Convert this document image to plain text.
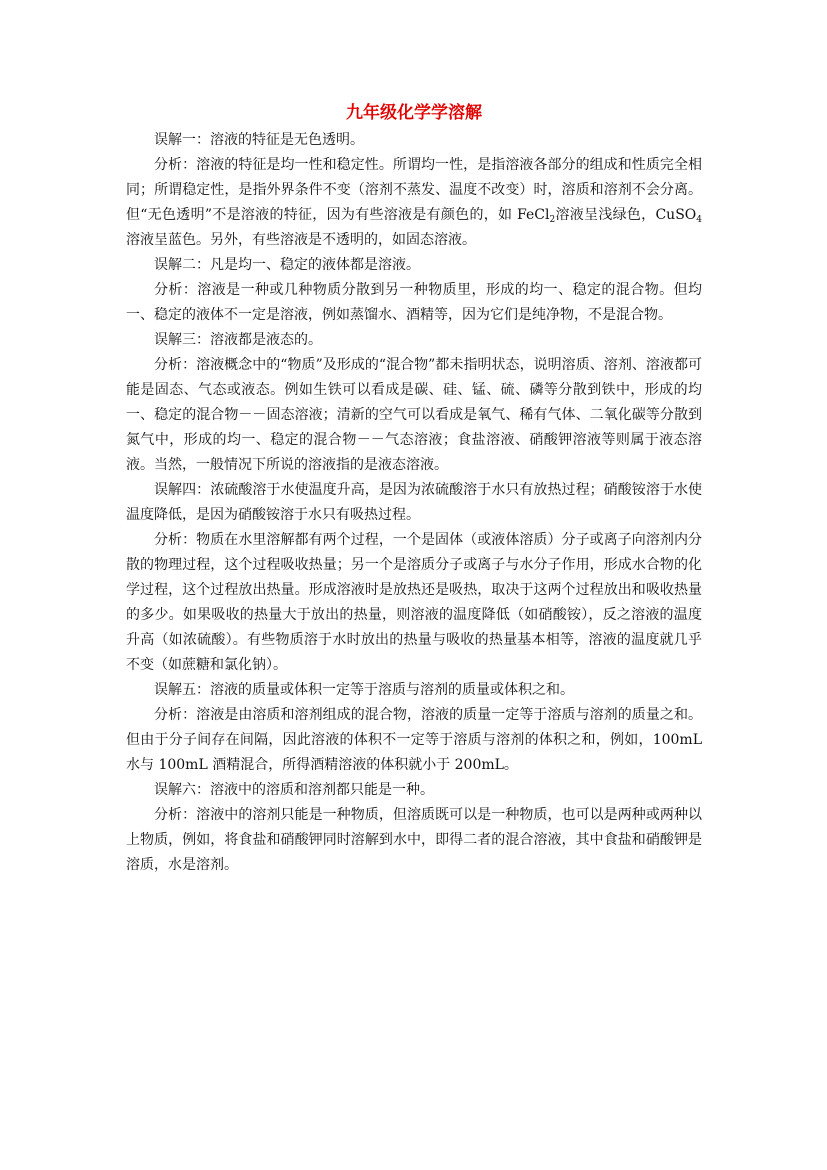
九年级化学学溶解

误解一：溶液的特征是无色透明。

分析：溶液的特征是均一性和稳定性。所谓均一性，是指溶液各部分的组成和性质完全相同；所谓稳定性，是指外界条件不变（溶剂不蒸发、温度不改变）时，溶质和溶剂不会分离。但“无色透明”不是溶液的特征，因为有些溶液是有颜色的，如 FeCl$_2$溶液呈浅绿色，CuSO$_4$溶液呈蓝色。另外，有些溶液是不透明的，如固态溶液。

误解二：凡是均一、稳定的液体都是溶液。

分析：溶液是一种或几种物质分散到另一种物质里，形成的均一、稳定的混合物。但均一、稳定的液体不一定是溶液，例如蒸馏水、酒精等，因为它们是纯净物，不是混合物。

误解三：溶液都是液态的。

分析：溶液概念中的“物质”及形成的“混合物”都未指明状态，说明溶质、溶剂、溶液都可能是固态、气态或液态。例如生铁可以看成是碳、硅、锰、硫、磷等分散到铁中，形成的均一、稳定的混合物－－固态溶液；清新的空气可以看成是氧气、稀有气体、二氧化碳等分散到氮气中，形成的均一、稳定的混合物－－气态溶液；食盐溶液、硝酸钾溶液等则属于液态溶液。当然，一般情况下所说的溶液指的是液态溶液。

误解四：浓硫酸溶于水使温度升高，是因为浓硫酸溶于水只有放热过程；硝酸铵溶于水使温度降低，是因为硝酸铵溶于水只有吸热过程。

分析：物质在水里溶解都有两个过程，一个是固体（或液体溶质）分子或离子向溶剂内分散的物理过程，这个过程吸收热量；另一个是溶质分子或离子与水分子作用，形成水合物的化学过程，这个过程放出热量。形成溶液时是放热还是吸热，取决于这两个过程放出和吸收热量的多少。如果吸收的热量大于放出的热量，则溶液的温度降低（如硝酸铵），反之溶液的温度升高（如浓硫酸）。有些物质溶于水时放出的热量与吸收的热量基本相等，溶液的温度就几乎不变（如蔗糖和氯化钠）。

误解五：溶液的质量或体积一定等于溶质与溶剂的质量或体积之和。

分析：溶液是由溶质和溶剂组成的混合物，溶液的质量一定等于溶质与溶剂的质量之和。但由于分子间存在间隔，因此溶液的体积不一定等于溶质与溶剂的体积之和，例如，100mL 水与 100mL 酒精混合，所得酒精溶液的体积就小于 200mL。

误解六：溶液中的溶质和溶剂都只能是一种。

分析：溶液中的溶剂只能是一种物质，但溶质既可以是一种物质，也可以是两种或两种以上物质，例如，将食盐和硝酸钾同时溶解到水中，即得二者的混合溶液，其中食盐和硝酸钾是溶质，水是溶剂。
